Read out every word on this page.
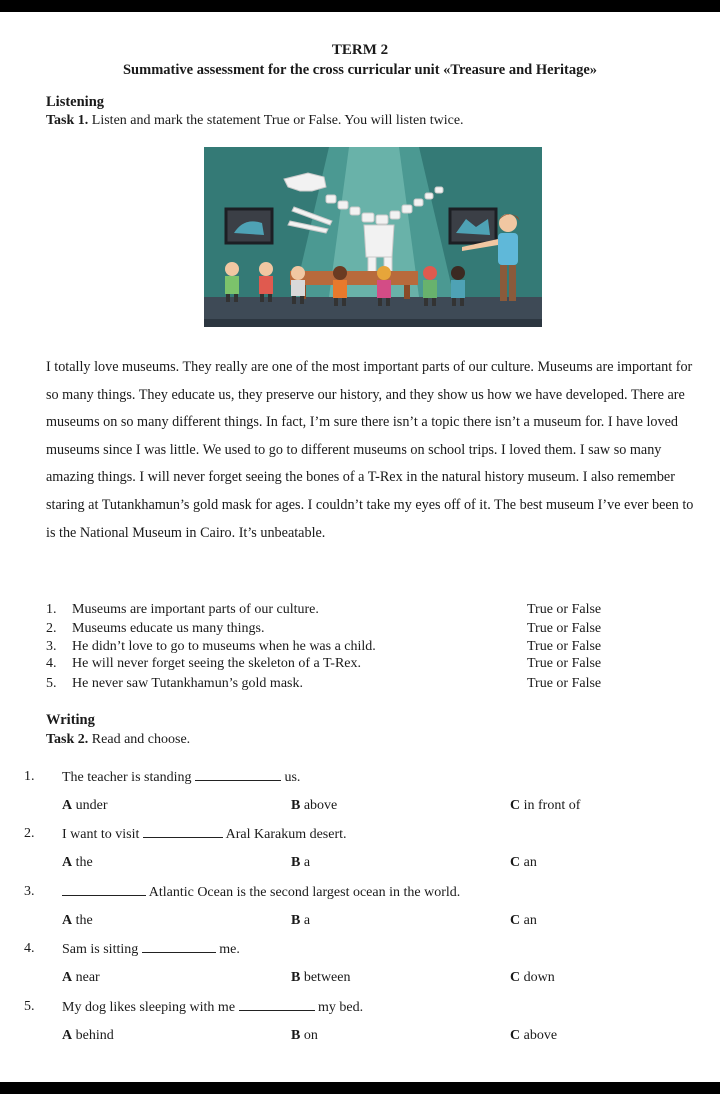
TERM 2
Summative assessment for the cross curricular unit «Treasure and Heritage»
Listening
Task 1. Listen and mark the statement True or False. You will listen twice.

I totally love museums. They really are one of the most important parts of our culture. Museums are important for so many things. They educate us, they preserve our history, and they show us how we have developed. There are museums on so many different things. In fact, I’m sure there isn’t a topic there isn’t a museum for. I have loved museums since I was little. We used to go to different museums on school trips. I loved them. I saw so many amazing things. I will never forget seeing the bones of a T-Rex in the natural history museum. I also remember staring at Tutankhamun’s gold mask for ages. I couldn’t take my eyes off of it. The best museum I’ve ever been to is the National Museum in Cairo. It’s unbeatable.

1. Museums are important parts of our culture.	True or False
2. Museums educate us many things.	True or False
3. He didn’t love to go to museums when he was a child.	True or False
4. He will never forget seeing the skeleton of a T-Rex.	True or False
5. He never saw Tutankhamun’s gold mask.	True or False
Writing
Task 2. Read and choose.
1. The teacher is standing	us.
A under	B above	C in front of
2. I want to visit	Aral Karakum desert.
A the	B a	C an
3.	Atlantic Ocean is the second largest ocean in the world.
A the	B a	C an
4. Sam is sitting	me.
A near	B between	C down
5. My dog likes sleeping with me	my bed.
A behind	B on	C above
